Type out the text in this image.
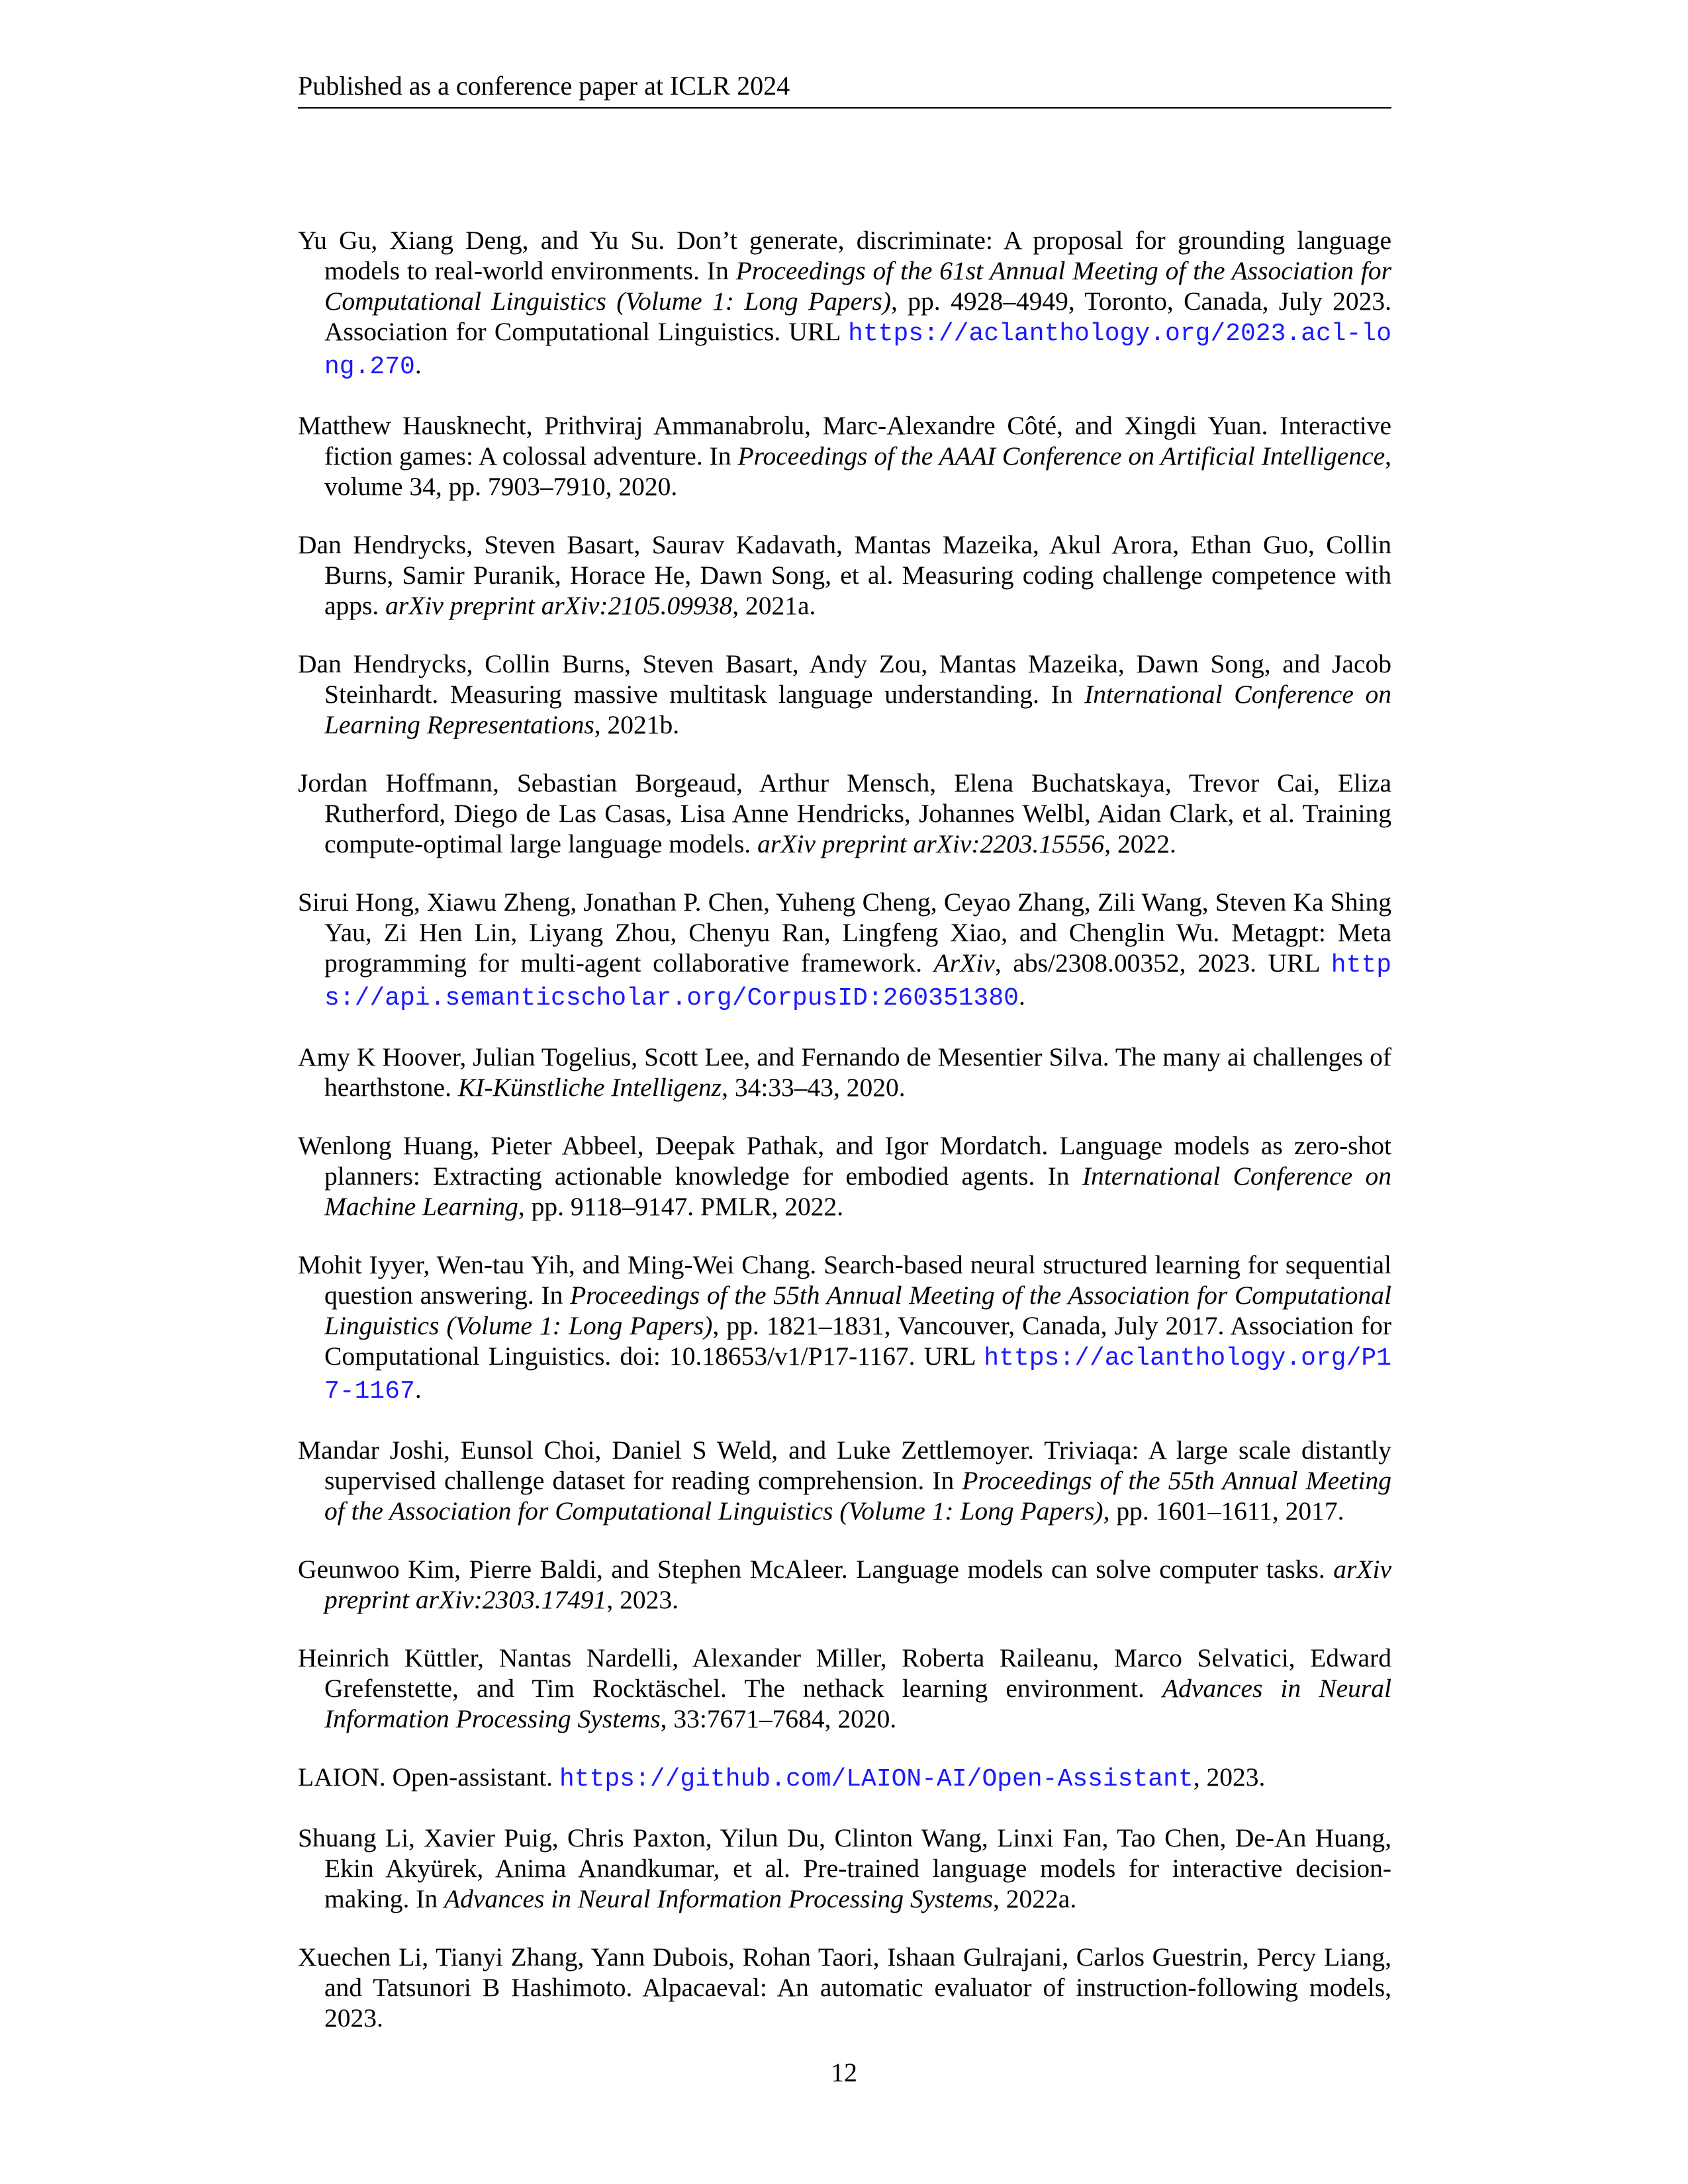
Published as a conference paper at ICLR 2024

Yu Gu, Xiang Deng, and Yu Su. Don’t generate, discriminate: A proposal for grounding language models to real-world environments. In Proceedings of the 61st Annual Meeting of the Association for Computational Linguistics (Volume 1: Long Papers), pp. 4928–4949, Toronto, Canada, July 2023. Association for Computational Linguistics. URL https://aclanthology.org/2023.acl-long.270.

Matthew Hausknecht, Prithviraj Ammanabrolu, Marc-Alexandre Côté, and Xingdi Yuan. Interactive fiction games: A colossal adventure. In Proceedings of the AAAI Conference on Artificial Intelligence, volume 34, pp. 7903–7910, 2020.

Dan Hendrycks, Steven Basart, Saurav Kadavath, Mantas Mazeika, Akul Arora, Ethan Guo, Collin Burns, Samir Puranik, Horace He, Dawn Song, et al. Measuring coding challenge competence with apps. arXiv preprint arXiv:2105.09938, 2021a.

Dan Hendrycks, Collin Burns, Steven Basart, Andy Zou, Mantas Mazeika, Dawn Song, and Jacob Steinhardt. Measuring massive multitask language understanding. In International Conference on Learning Representations, 2021b.

Jordan Hoffmann, Sebastian Borgeaud, Arthur Mensch, Elena Buchatskaya, Trevor Cai, Eliza Rutherford, Diego de Las Casas, Lisa Anne Hendricks, Johannes Welbl, Aidan Clark, et al. Training compute-optimal large language models. arXiv preprint arXiv:2203.15556, 2022.

Sirui Hong, Xiawu Zheng, Jonathan P. Chen, Yuheng Cheng, Ceyao Zhang, Zili Wang, Steven Ka Shing Yau, Zi Hen Lin, Liyang Zhou, Chenyu Ran, Lingfeng Xiao, and Chenglin Wu. Metagpt: Meta programming for multi-agent collaborative framework. ArXiv, abs/2308.00352, 2023. URL https://api.semanticscholar.org/CorpusID:260351380.

Amy K Hoover, Julian Togelius, Scott Lee, and Fernando de Mesentier Silva. The many ai challenges of hearthstone. KI-Künstliche Intelligenz, 34:33–43, 2020.

Wenlong Huang, Pieter Abbeel, Deepak Pathak, and Igor Mordatch. Language models as zero-shot planners: Extracting actionable knowledge for embodied agents. In International Conference on Machine Learning, pp. 9118–9147. PMLR, 2022.

Mohit Iyyer, Wen-tau Yih, and Ming-Wei Chang. Search-based neural structured learning for sequential question answering. In Proceedings of the 55th Annual Meeting of the Association for Computational Linguistics (Volume 1: Long Papers), pp. 1821–1831, Vancouver, Canada, July 2017. Association for Computational Linguistics. doi: 10.18653/v1/P17-1167. URL https://aclanthology.org/P17-1167.

Mandar Joshi, Eunsol Choi, Daniel S Weld, and Luke Zettlemoyer. Triviaqa: A large scale distantly supervised challenge dataset for reading comprehension. In Proceedings of the 55th Annual Meeting of the Association for Computational Linguistics (Volume 1: Long Papers), pp. 1601–1611, 2017.

Geunwoo Kim, Pierre Baldi, and Stephen McAleer. Language models can solve computer tasks. arXiv preprint arXiv:2303.17491, 2023.

Heinrich Küttler, Nantas Nardelli, Alexander Miller, Roberta Raileanu, Marco Selvatici, Edward Grefenstette, and Tim Rocktäschel. The nethack learning environment. Advances in Neural Information Processing Systems, 33:7671–7684, 2020.

LAION. Open-assistant. https://github.com/LAION-AI/Open-Assistant, 2023.

Shuang Li, Xavier Puig, Chris Paxton, Yilun Du, Clinton Wang, Linxi Fan, Tao Chen, De-An Huang, Ekin Akyürek, Anima Anandkumar, et al. Pre-trained language models for interactive decision-making. In Advances in Neural Information Processing Systems, 2022a.

Xuechen Li, Tianyi Zhang, Yann Dubois, Rohan Taori, Ishaan Gulrajani, Carlos Guestrin, Percy Liang, and Tatsunori B Hashimoto. Alpacaeval: An automatic evaluator of instruction-following models, 2023.

12
